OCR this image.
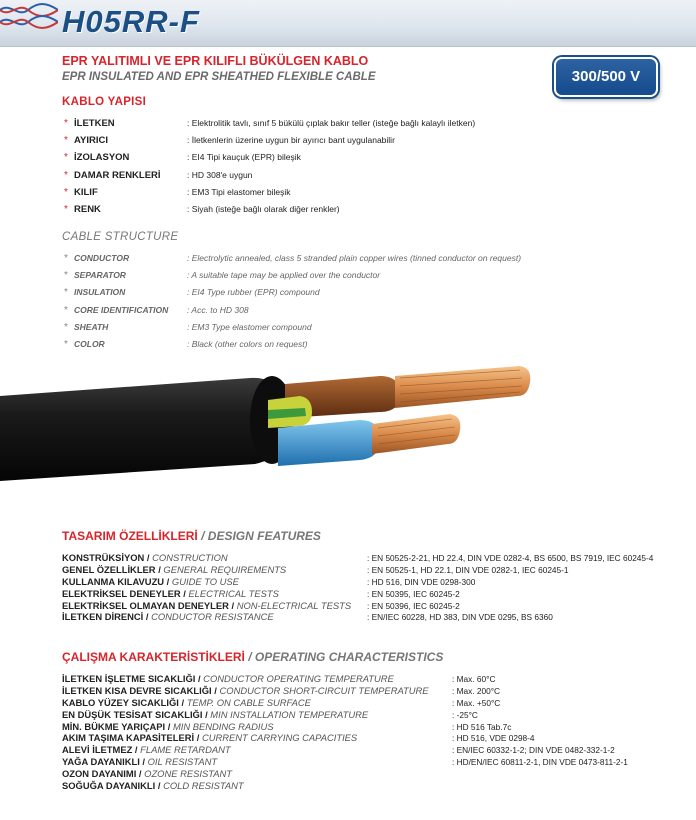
H05RR-F
EPR YALITIMLI VE EPR KILIFLI BÜKÜLGEN KABLO
EPR INSULATED AND EPR SHEATHED FLEXIBLE CABLE	300/500 V
KABLO YAPISI
* İLETKEN	: Elektrolitik tavlı, sınıf 5 bükülü çıplak bakır teller (isteğe bağlı kalaylı iletken)
* AYIRICI	: İletkenlerin üzerine uygun bir ayırıcı bant uygulanabilir
* İZOLASYON	: EI4 Tipi kauçuk (EPR) bileşik
* DAMAR RENKLERİ	: HD 308'e uygun
* KILIF	: EM3 Tipi elastomer bileşik
* RENK	: Siyah (isteğe bağlı olarak diğer renkler)
CABLE STRUCTURE
* CONDUCTOR	: Electrolytic annealed, class 5 stranded plain copper wires (tinned conductor on request)
* SEPARATOR	: A suitable tape may be applied over the conductor
* INSULATION	: EI4 Type rubber (EPR) compound
* CORE IDENTIFICATION : Acc. to HD 308
* SHEATH	: EM3 Type elastomer compound
* COLOR	: Black (other colors on request)
TASARIM ÖZELLİKLERİ / DESIGN FEATURES
KONSTRÜKSİYON / CONSTRUCTION	: EN 50525-2-21, HD 22.4, DIN VDE 0282-4, BS 6500, BS 7919, IEC 60245-4
GENEL ÖZELLİKLER / GENERAL REQUIREMENTS	: EN 50525-1, HD 22.1, DIN VDE 0282-1, IEC 60245-1
KULLANMA KILAVUZU / GUIDE TO USE	: HD 516, DIN VDE 0298-300
ELEKTRİKSEL DENEYLER / ELECTRICAL TESTS	: EN 50395, IEC 60245-2
ELEKTRİKSEL OLMAYAN DENEYLER / NON-ELECTRICAL TESTS : EN 50396, IEC 60245-2
İLETKEN DİRENCİ / CONDUCTOR RESISTANCE	: EN/IEC 60228, HD 383, DIN VDE 0295, BS 6360
ÇALIŞMA KARAKTERİSTİKLERİ / OPERATING CHARACTERISTICS
İLETKEN İŞLETME SICAKLIĞI / CONDUCTOR OPERATING TEMPERATURE	: Max. 60°C
İLETKEN KISA DEVRE SICAKLIĞI / CONDUCTOR SHORT-CIRCUIT TEMPERATURE	: Max. 200°C
KABLO YÜZEY SICAKLIĞI / TEMP. ON CABLE SURFACE	: Max. +50°C
EN DÜŞÜK TESİSAT SICAKLIĞI / MIN INSTALLATION TEMPERATURE	: -25°C
MİN. BÜKME YARIÇAPI / MIN BENDING RADIUS	: HD 516 Tab.7c
AKIM TAŞIMA KAPASİTELERİ / CURRENT CARRYING CAPACITIES	: HD 516, VDE 0298-4
ALEVİ İLETMEZ / FLAME RETARDANT	: EN/IEC 60332-1-2; DIN VDE 0482-332-1-2
YAĞA DAYANIKLI / OIL RESISTANT	: HD/EN/IEC 60811-2-1, DIN VDE 0473-811-2-1
OZON DAYANIMI / OZONE RESISTANT
SOĞUĞA DAYANIKLI / COLD RESISTANT
